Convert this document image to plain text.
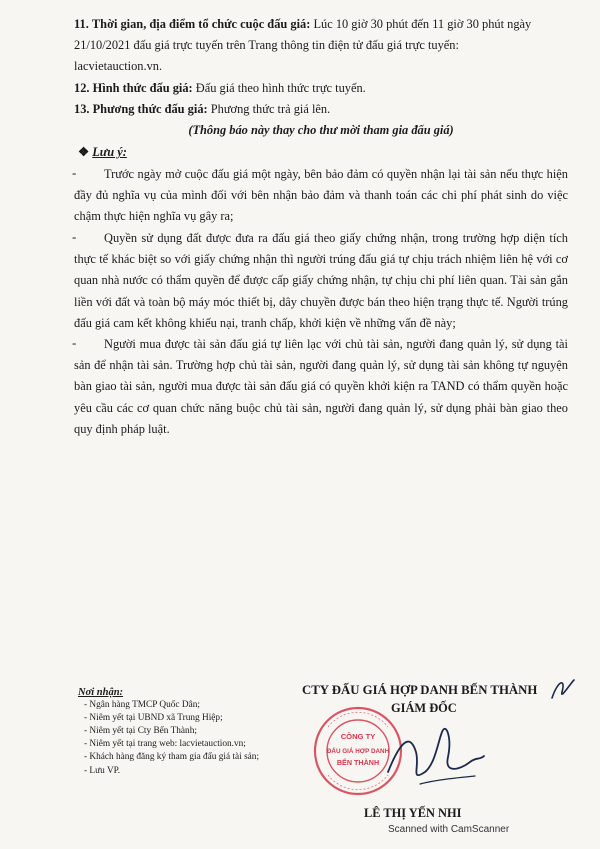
11. Thời gian, địa điểm tổ chức cuộc đấu giá: Lúc 10 giờ 30 phút đến 11 giờ 30 phút ngày
21/10/2021 đấu giá trực tuyến trên Trang thông tin điện tử đấu giá trực tuyến:
lacvietauction.vn.
12. Hình thức đấu giá: Đấu giá theo hình thức trực tuyến.
13. Phương thức đấu giá: Phương thức trả giá lên.
(Thông báo này thay cho thư mời tham gia đấu giá)
❖ Lưu ý:
-	Trước ngày mở cuộc đấu giá một ngày, bên bảo đảm có quyền nhận lại tài sản nếu thực hiện đầy đủ nghĩa vụ của mình đối với bên nhận bảo đảm và thanh toán các chi phí phát sinh do việc chậm thực hiện nghĩa vụ gây ra;
-	Quyền sử dụng đất được đưa ra đấu giá theo giấy chứng nhận, trong trường hợp diện tích thực tế khác biệt so với giấy chứng nhận thì người trúng đấu giá tự chịu trách nhiệm liên hệ với cơ quan nhà nước có thẩm quyền để được cấp giấy chứng nhận, tự chịu chi phí liên quan. Tài sản gắn liền với đất và toàn bộ máy móc thiết bị, dây chuyền được bán theo hiện trạng thực tế. Người trúng đấu giá cam kết không khiếu nại, tranh chấp, khởi kiện về những vấn đề này;
-	Người mua được tài sản đấu giá tự liên lạc với chủ tài sản, người đang quản lý, sử dụng tài sản để nhận tài sản. Trường hợp chủ tài sản, người đang quản lý, sử dụng tài sản không tự nguyện bàn giao tài sản, người mua được tài sản đấu giá có quyền khởi kiện ra TAND có thẩm quyền hoặc yêu cầu các cơ quan chức năng buộc chủ tài sản, người đang quản lý, sử dụng phải bàn giao theo quy định pháp luật.
Nơi nhận:
- Ngân hàng TMCP Quốc Dân;
- Niêm yết tại UBND xã Trung Hiệp;
- Niêm yết tại Cty Bến Thành;
- Niêm yết tại trang web: lacvietauction.vn;
- Khách hàng đăng ký tham gia đấu giá tài sản;
- Lưu VP.
CTY ĐẤU GIÁ HỢP DANH BẾN THÀNH
GIÁM ĐỐC
LÊ THỊ YẾN NHI
CÔNG TY
ĐẤU GIÁ HỢP DANH
BẾN THÀNH
Scanned with CamScanner
